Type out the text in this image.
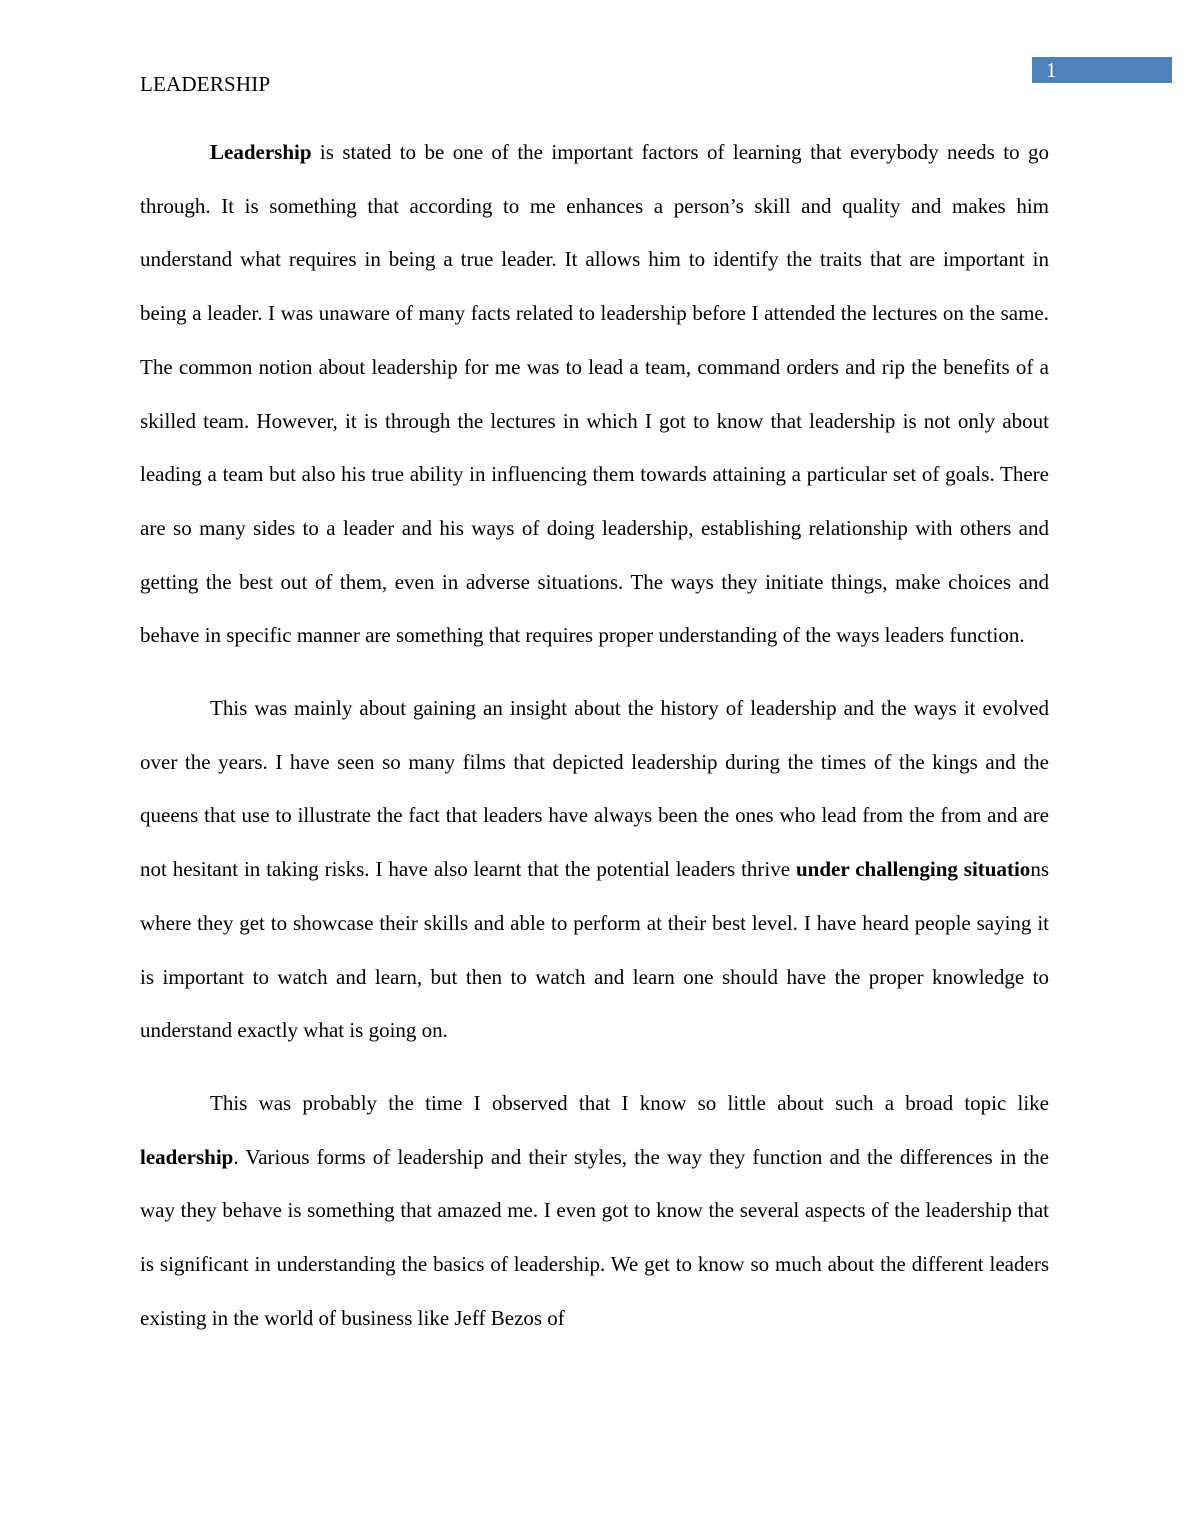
LEADERSHIP
1

Leadership is stated to be one of the important factors of learning that everybody needs to go through. It is something that according to me enhances a person’s skill and quality and makes him understand what requires in being a true leader. It allows him to identify the traits that are important in being a leader. I was unaware of many facts related to leadership before I attended the lectures on the same. The common notion about leadership for me was to lead a team, command orders and rip the benefits of a skilled team. However, it is through the lectures in which I got to know that leadership is not only about leading a team but also his true ability in influencing them towards attaining a particular set of goals. There are so many sides to a leader and his ways of doing leadership, establishing relationship with others and getting the best out of them, even in adverse situations. The ways they initiate things, make choices and behave in specific manner are something that requires proper understanding of the ways leaders function.

This was mainly about gaining an insight about the history of leadership and the ways it evolved over the years. I have seen so many films that depicted leadership during the times of the kings and the queens that use to illustrate the fact that leaders have always been the ones who lead from the from and are not hesitant in taking risks. I have also learnt that the potential leaders thrive under challenging situations where they get to showcase their skills and able to perform at their best level. I have heard people saying it is important to watch and learn, but then to watch and learn one should have the proper knowledge to understand exactly what is going on.

This was probably the time I observed that I know so little about such a broad topic like leadership. Various forms of leadership and their styles, the way they function and the differences in the way they behave is something that amazed me. I even got to know the several aspects of the leadership that is significant in understanding the basics of leadership. We get to know so much about the different leaders existing in the world of business like Jeff Bezos of
